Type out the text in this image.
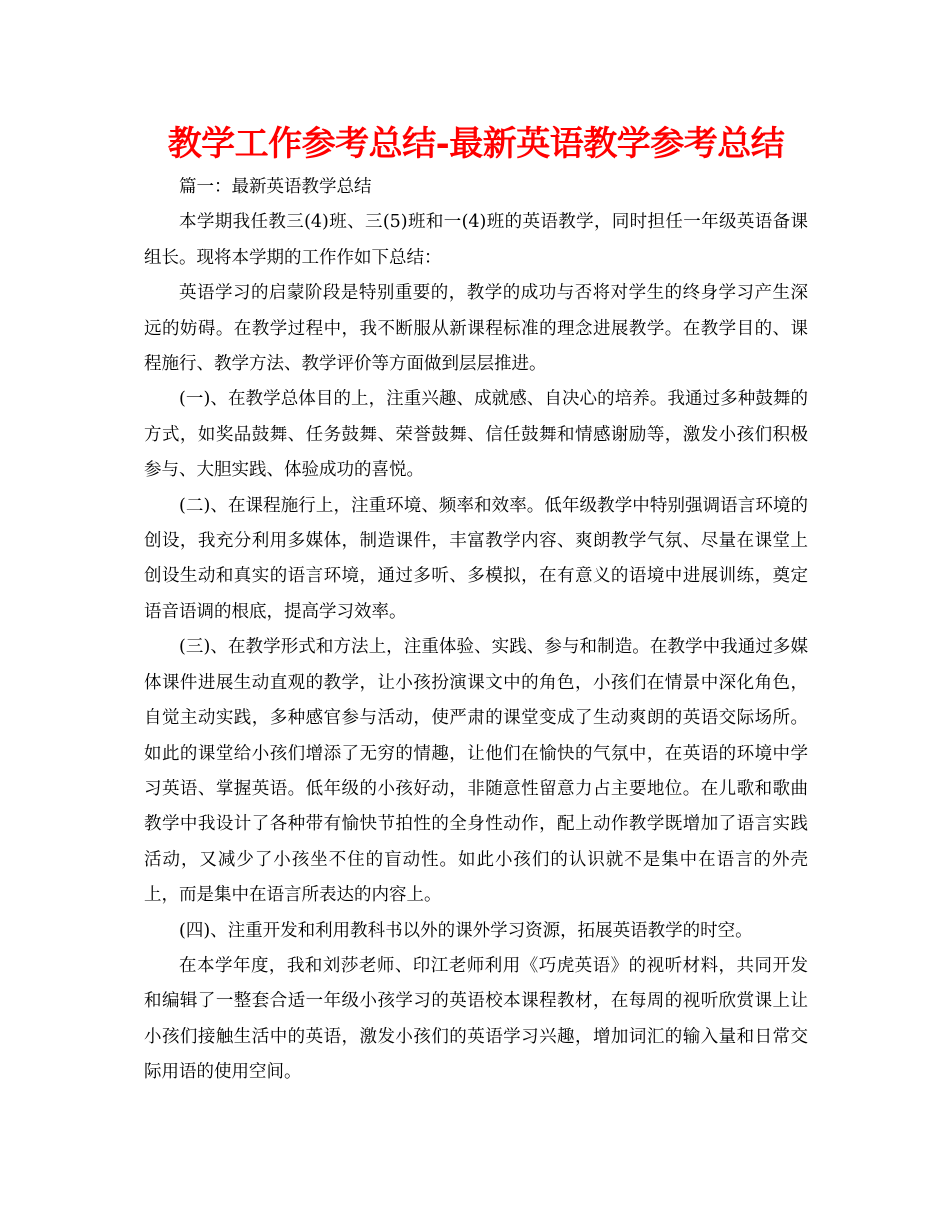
教学工作参考总结-最新英语教学参考总结

篇一：最新英语教学总结

本学期我任教三(4)班、三(5)班和一(4)班的英语教学，同时担任一年级英语备课组长。现将本学期的工作作如下总结：

英语学习的启蒙阶段是特别重要的，教学的成功与否将对学生的终身学习产生深远的妨碍。在教学过程中，我不断服从新课程标准的理念进展教学。在教学目的、课程施行、教学方法、教学评价等方面做到层层推进。

(一)、在教学总体目的上，注重兴趣、成就感、自决心的培养。我通过多种鼓舞的方式，如奖品鼓舞、任务鼓舞、荣誉鼓舞、信任鼓舞和情感谢励等，激发小孩们积极参与、大胆实践、体验成功的喜悦。

(二)、在课程施行上，注重环境、频率和效率。低年级教学中特别强调语言环境的创设，我充分利用多媒体，制造课件，丰富教学内容、爽朗教学气氛、尽量在课堂上创设生动和真实的语言环境，通过多听、多模拟，在有意义的语境中进展训练，奠定语音语调的根底，提高学习效率。

(三)、在教学形式和方法上，注重体验、实践、参与和制造。在教学中我通过多媒体课件进展生动直观的教学，让小孩扮演课文中的角色，小孩们在情景中深化角色，自觉主动实践，多种感官参与活动，使严肃的课堂变成了生动爽朗的英语交际场所。如此的课堂给小孩们增添了无穷的情趣，让他们在愉快的气氛中，在英语的环境中学习英语、掌握英语。低年级的小孩好动，非随意性留意力占主要地位。在儿歌和歌曲教学中我设计了各种带有愉快节拍性的全身性动作，配上动作教学既增加了语言实践活动，又减少了小孩坐不住的盲动性。如此小孩们的认识就不是集中在语言的外壳上，而是集中在语言所表达的内容上。

(四)、注重开发和利用教科书以外的课外学习资源，拓展英语教学的时空。

在本学年度，我和刘莎老师、印江老师利用《巧虎英语》的视听材料，共同开发和编辑了一整套合适一年级小孩学习的英语校本课程教材，在每周的视听欣赏课上让小孩们接触生活中的英语，激发小孩们的英语学习兴趣，增加词汇的输入量和日常交际用语的使用空间。
